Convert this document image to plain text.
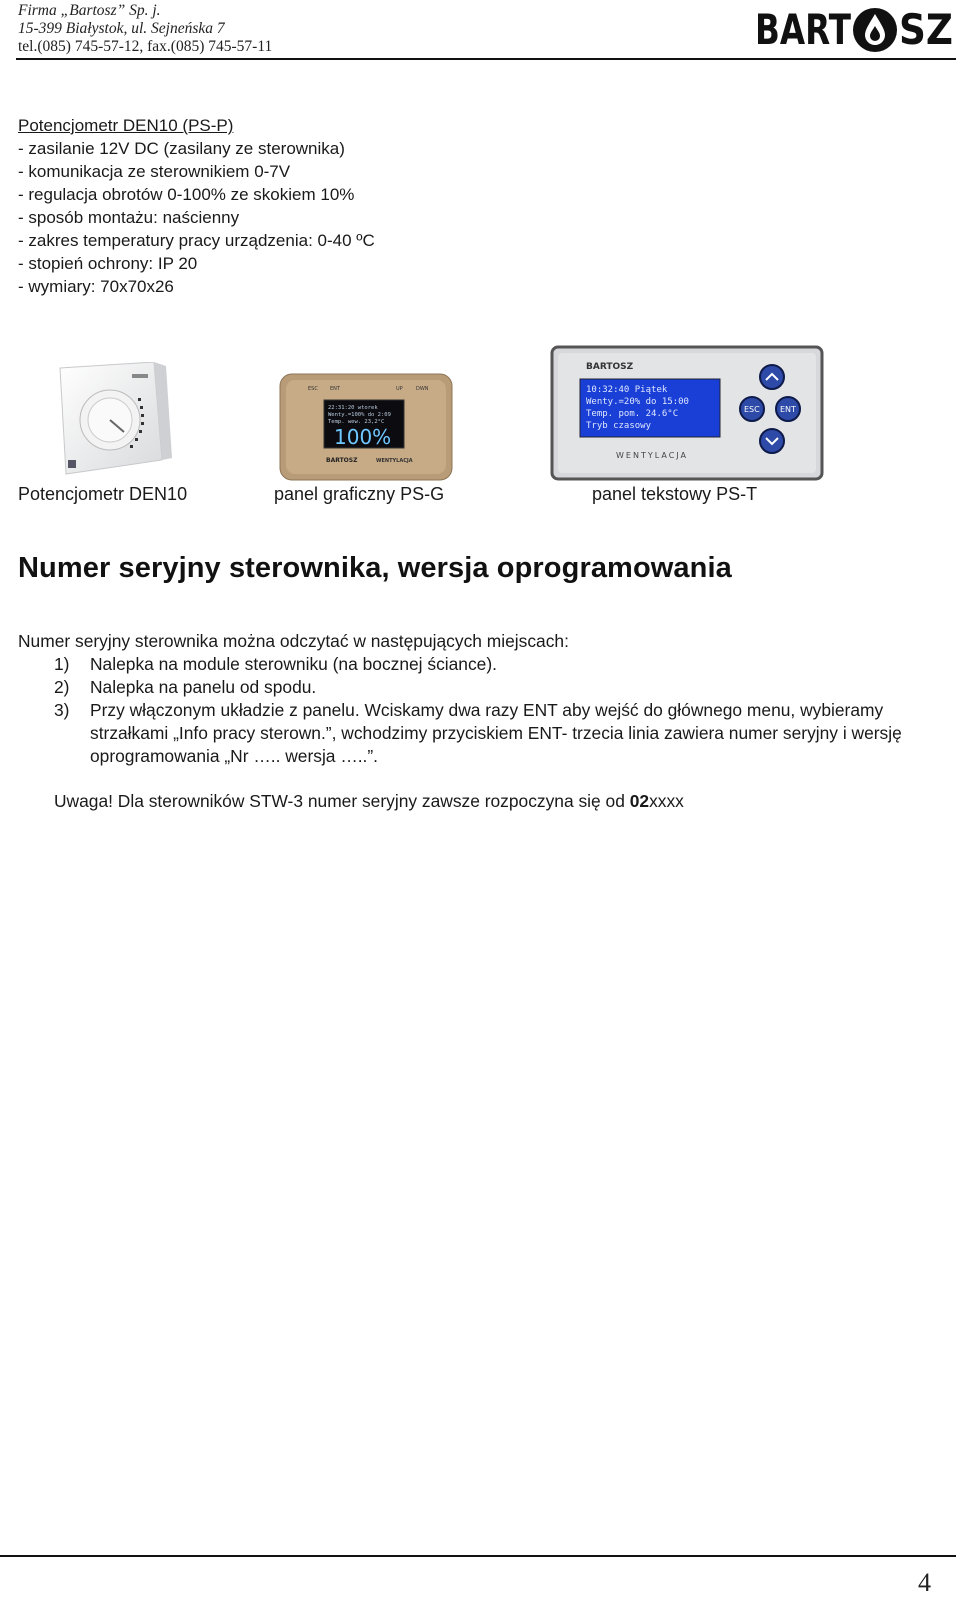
Firma „Bartosz” Sp. j.
15-399 Białystok, ul. Sejneńska 7
tel.(085) 745-57-12, fax.(085) 745-57-11	BART SZ
Potencjometr DEN10 (PS-P)
- zasilanie 12V DC (zasilany ze sterownika)
- komunikacja ze sterownikiem 0-7V
- regulacja obrotów 0-100% ze skokiem 10%
- sposób montażu: naścienny
- zakres temperatury pracy urządzenia: 0-40 ºC
- stopień ochrony: IP 20
- wymiary: 70x70x26
ESC ENT	UP	DWN
22:31:20 wtorek
Wenty.=100% do 2:09
Temp. wew. 23,2°C
100%
BARTOSZ	WENTYLACJA
BARTOSZ
10:32:40 Piątek
Wenty.=20% do 15:00
Temp. pom. 24.6°C
Tryb czasowy
WENTYLACJA
ESC	ENT
Potencjometr DEN10	panel graficzny PS-G	panel tekstowy PS-T
Numer seryjny sterownika, wersja oprogramowania
Numer seryjny sterownika można odczytać w następujących miejscach:
1)	Nalepka na module sterowniku (na bocznej ściance).
2)	Nalepka na panelu od spodu.
3)	Przy włączonym układzie z panelu. Wciskamy dwa razy ENT aby wejść do głównego menu, wybieramy strzałkami „Info pracy sterown.”, wchodzimy przyciskiem ENT- trzecia linia zawiera numer seryjny i wersję oprogramowania „Nr ….. wersja …..”.
Uwaga! Dla sterowników STW-3 numer seryjny zawsze rozpoczyna się od 02xxxx
4
